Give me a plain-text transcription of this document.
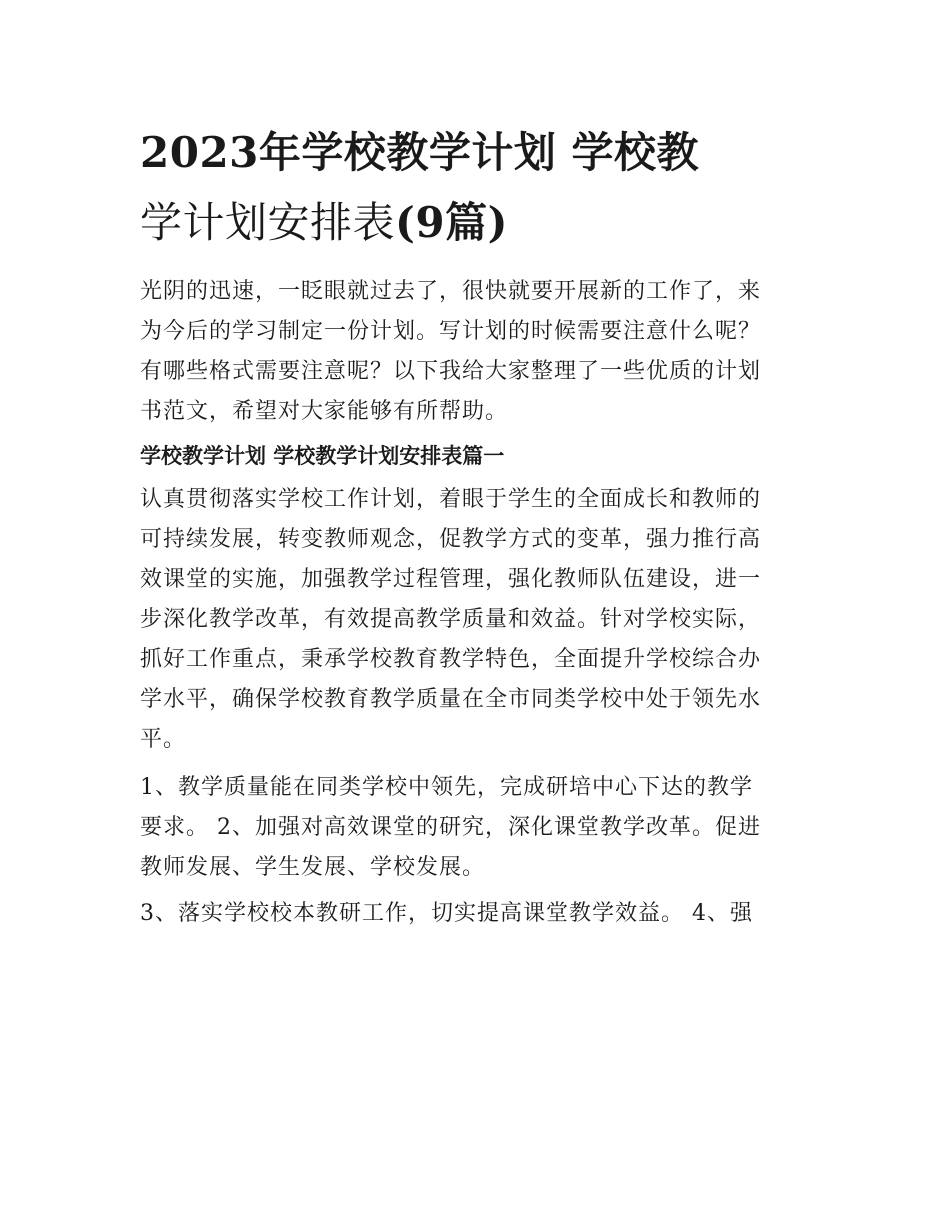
2023年学校教学计划 学校教
学计划安排表(9篇)

光阴的迅速，一眨眼就过去了，很快就要开展新的工作了，来
为今后的学习制定一份计划。写计划的时候需要注意什么呢？
有哪些格式需要注意呢？以下我给大家整理了一些优质的计划
书范文，希望对大家能够有所帮助。

学校教学计划 学校教学计划安排表篇一

认真贯彻落实学校工作计划，着眼于学生的全面成长和教师的
可持续发展，转变教师观念，促教学方式的变革，强力推行高
效课堂的实施，加强教学过程管理，强化教师队伍建设，进一
步深化教学改革，有效提高教学质量和效益。针对学校实际，
抓好工作重点，秉承学校教育教学特色，全面提升学校综合办
学水平，确保学校教育教学质量在全市同类学校中处于领先水
平。

1、教学质量能在同类学校中领先，完成研培中心下达的教学
要求。 2、加强对高效课堂的研究，深化课堂教学改革。促进
教师发展、学生发展、学校发展。

3、落实学校校本教研工作，切实提高课堂教学效益。 4、强
